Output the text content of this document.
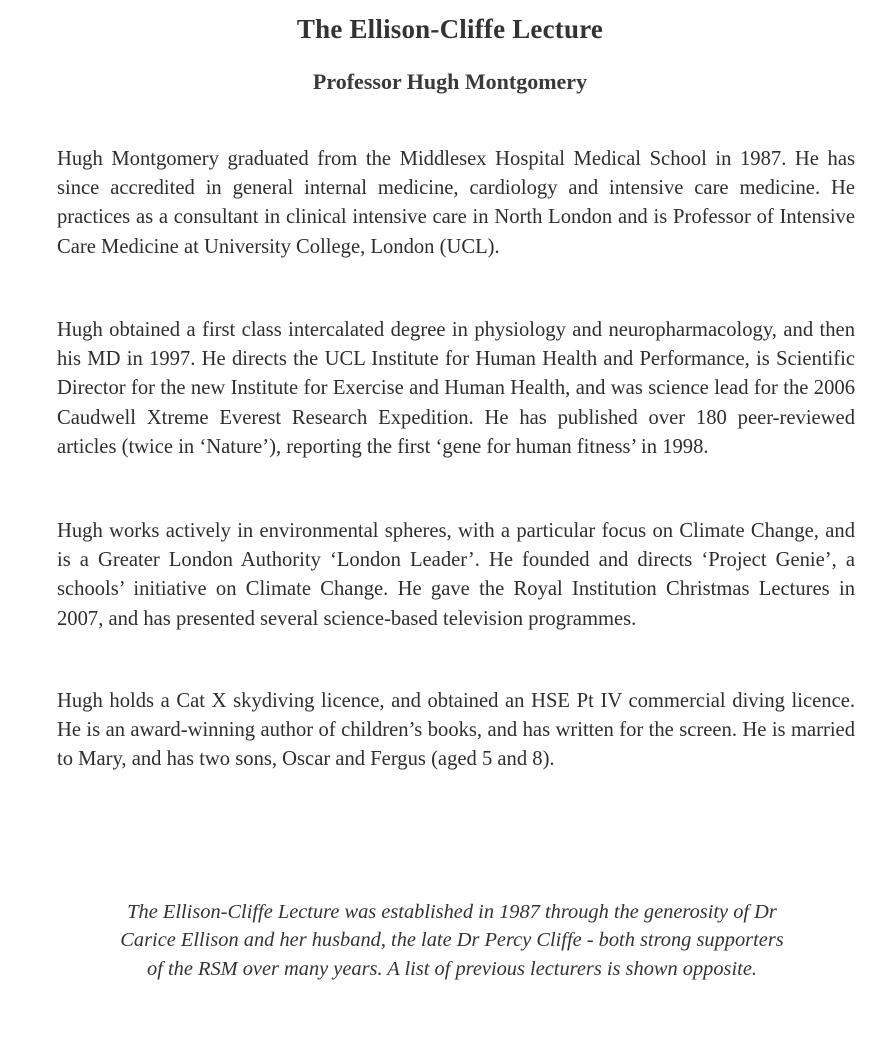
The Ellison-Cliffe Lecture
Professor Hugh Montgomery
Hugh Montgomery graduated from the Middlesex Hospital Medical School in 1987. He has since accredited in general internal medicine, cardiology and intensive care medicine. He practices as a consultant in clinical intensive care in North London and is Professor of Intensive Care Medicine at University College, London (UCL).
Hugh obtained a first class intercalated degree in physiology and neuropharmacology, and then his MD in 1997. He directs the UCL Institute for Human Health and Performance, is Scientific Director for the new Institute for Exercise and Human Health, and was science lead for the 2006 Caudwell Xtreme Everest Research Expedition. He has published over 180 peer-reviewed articles (twice in ‘Nature’), reporting the first ‘gene for human fitness’ in 1998.
Hugh works actively in environmental spheres, with a particular focus on Climate Change, and is a Greater London Authority ‘London Leader’. He founded and directs ‘Project Genie’, a schools’ initiative on Climate Change. He gave the Royal Institution Christmas Lectures in 2007, and has presented several science-based television programmes.
Hugh holds a Cat X skydiving licence, and obtained an HSE Pt IV commercial diving licence. He is an award-winning author of children’s books, and has written for the screen. He is married to Mary, and has two sons, Oscar and Fergus (aged 5 and 8).
The Ellison-Cliffe Lecture was established in 1987 through the generosity of Dr Carice Ellison and her husband, the late Dr Percy Cliffe - both strong supporters of the RSM over many years. A list of previous lecturers is shown opposite.
